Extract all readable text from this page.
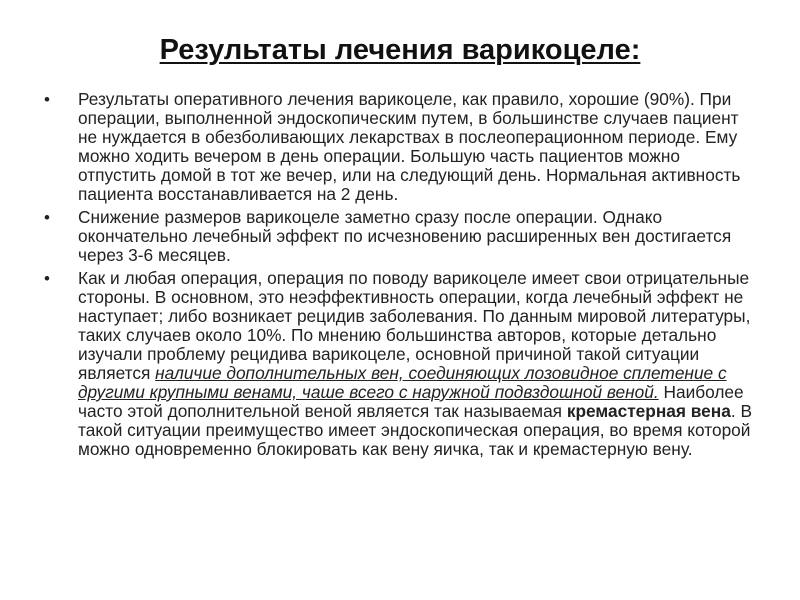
Результаты лечения варикоцеле:
• Результаты оперативного лечения варикоцеле, как правило, хорошие (90%). При операции, выполненной эндоскопическим путем, в большинстве случаев пациент не нуждается в обезболивающих лекарствах в послеоперационном периоде. Ему можно ходить вечером в день операции. Большую часть пациентов можно отпустить домой в тот же вечер, или на следующий день. Нормальная активность пациента восстанавливается на 2 день.
• Снижение размеров варикоцеле заметно сразу после операции. Однако окончательно лечебный эффект по исчезновению расширенных вен достигается через 3-6 месяцев.
• Как и любая операция, операция по поводу варикоцеле имеет свои отрицательные стороны. В основном, это неэффективность операции, когда лечебный эффект не наступает; либо возникает рецидив заболевания. По данным мировой литературы, таких случаев около 10%. По мнению большинства авторов, которые детально изучали проблему рецидива варикоцеле, основной причиной такой ситуации является наличие дополнительных вен, соединяющих лозовидное сплетение с другими крупными венами, чаше всего с наружной подвздошной веной. Наиболее часто этой дополнительной веной является так называемая кремастерная вена. В такой ситуации преимущество имеет эндоскопическая операция, во время которой можно одновременно блокировать как вену яичка, так и кремастерную вену.
